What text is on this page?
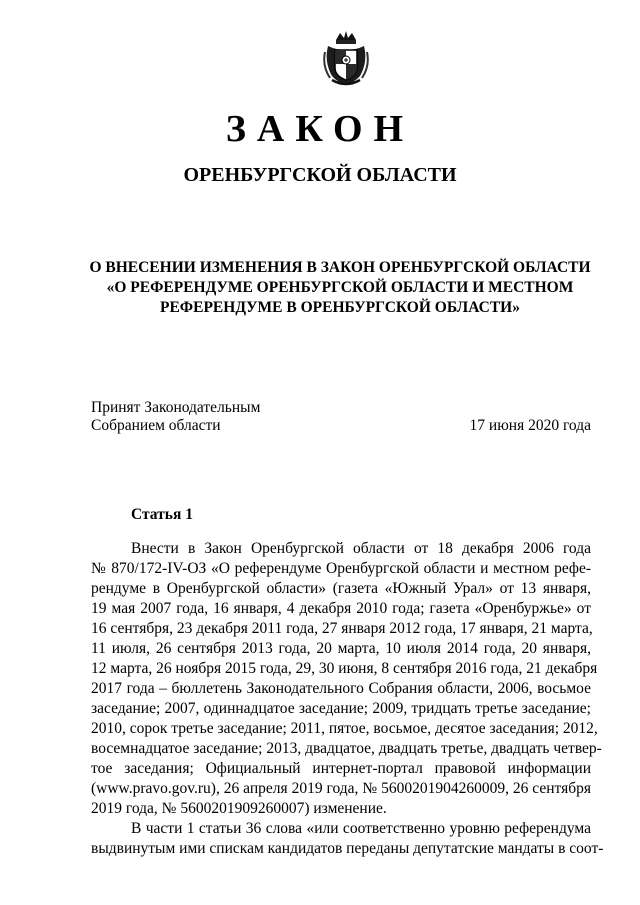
ЗАКОН
ОРЕНБУРГСКОЙ ОБЛАСТИ
О ВНЕСЕНИИ ИЗМЕНЕНИЯ В ЗАКОН ОРЕНБУРГСКОЙ ОБЛАСТИ
«О РЕФЕРЕНДУМЕ ОРЕНБУРГСКОЙ ОБЛАСТИ И МЕСТНОМ
РЕФЕРЕНДУМЕ В ОРЕНБУРГСКОЙ ОБЛАСТИ»
Принят Законодательным
Собранием области	17 июня 2020 года
Статья 1
Внести в Закон Оренбургской области от 18 декабря 2006 года
№ 870/172-IV-ОЗ «О референдуме Оренбургской области и местном рефе-
рендуме в Оренбургской области» (газета «Южный Урал» от 13 января,
19 мая 2007 года, 16 января, 4 декабря 2010 года; газета «Оренбуржье» от
16 сентября, 23 декабря 2011 года, 27 января 2012 года, 17 января, 21 марта,
11 июля, 26 сентября 2013 года, 20 марта, 10 июля 2014 года, 20 января,
12 марта, 26 ноября 2015 года, 29, 30 июня, 8 сентября 2016 года, 21 декабря
2017 года – бюллетень Законодательного Собрания области, 2006, восьмое
заседание; 2007, одиннадцатое заседание; 2009, тридцать третье заседание;
2010, сорок третье заседание; 2011, пятое, восьмое, десятое заседания; 2012,
восемнадцатое заседание; 2013, двадцатое, двадцать третье, двадцать четвер-
тое заседания; Официальный интернет-портал правовой информации
(www.pravo.gov.ru), 26 апреля 2019 года, № 5600201904260009, 26 сентября
2019 года, № 5600201909260007) изменение.
В части 1 статьи 36 слова «или соответственно уровню референдума
выдвинутым ими спискам кандидатов переданы депутатские мандаты в соот-
